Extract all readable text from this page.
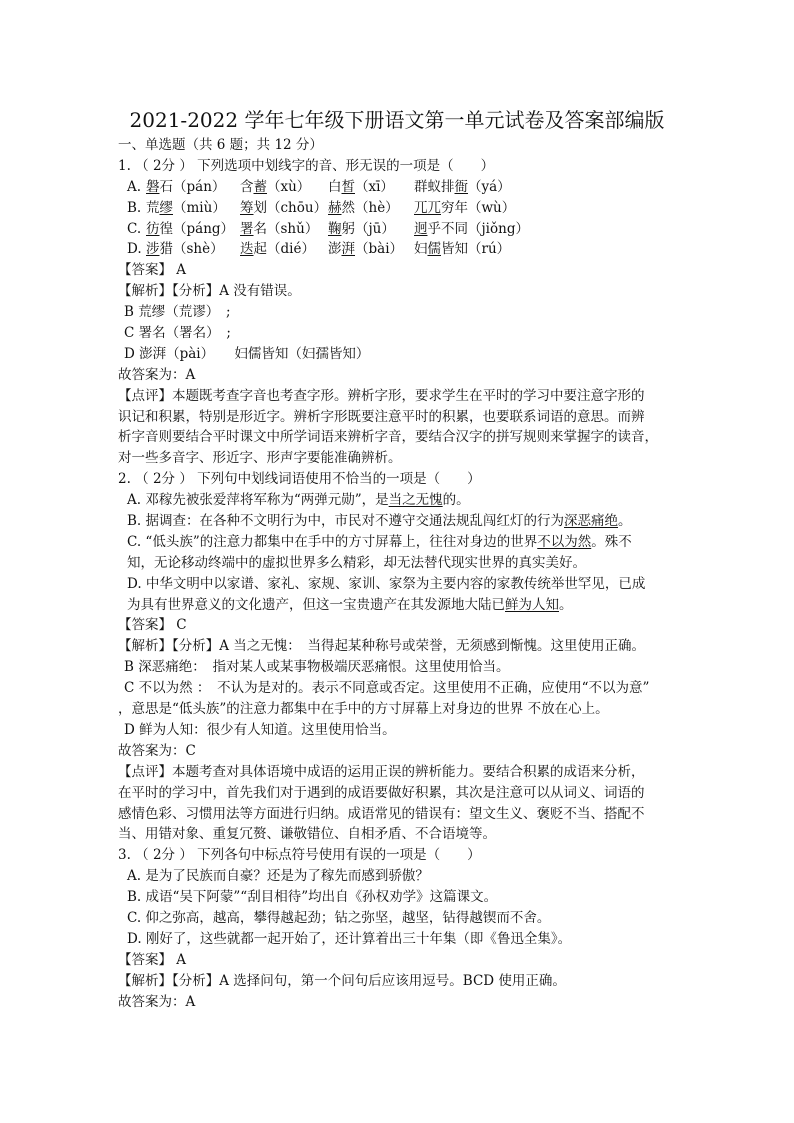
2021-2022 学年七年级下册语文第一单元试卷及答案部编版
一、单选题（共 6 题；共 12 分）
1. （ 2分 ） 下列选项中划线字的音、形无误的一项是（　　）
A. 磐石（pán） 含蓄（xù） 白皙（xī） 群蚁排衙（yá）
B. 荒缪（miù） 筹划（chōu） 赫然（hè） 兀兀穷年（wù）
C. 彷徨（páng） 署名（shǔ） 鞠躬（jū） 迥乎不同（jiǒng）
D. 涉猎（shè） 迭起（dié） 澎湃（bài） 妇儒皆知（rú）
【答案】 A
【解析】【分析】A 没有错误。
B 荒缪（荒谬）　;
C 署名（署名）　;
D 澎湃（pài）　　妇儒皆知（妇孺皆知）
故答案为：A
【点评】本题既考查字音也考查字形。辨析字形，要求学生在平时的学习中要注意字形的
识记和积累，特别是形近字。辨析字形既要注意平时的积累，也要联系词语的意思。而辨
析字音则要结合平时课文中所学词语来辨析字音，要结合汉字的拼写规则来掌握字的读音，
对一些多音字、形近字、形声字要能准确辨析。
2. （ 2分 ） 下列句中划线词语使用不恰当的一项是（　　）
A. 邓稼先被张爱萍将军称为“两弹元勋”，是当之无愧的。
B. 据调查：在各种不文明行为中，市民对不遵守交通法规乱闯红灯的行为深恶痛绝。
C. “低头族”的注意力都集中在手中的方寸屏幕上，往往对身边的世界不以为然。殊不
知，无论移动终端中的虚拟世界多么精彩，却无法替代现实世界的真实美好。
D. 中华文明中以家谱、家礼、家规、家训、家祭为主要内容的家教传统举世罕见，已成
为具有世界意义的文化遗产，但这一宝贵遗产在其发源地大陆已鲜为人知。
【答案】 C
【解析】【分析】A 当之无愧：　当得起某种称号或荣誉，无须感到惭愧。这里使用正确。
B 深恶痛绝：　指对某人或某事物极端厌恶痛恨。这里使用恰当。
C 不以为然 ：　不认为是对的。表示不同意或否定。这里使用不正确，应使用“不以为意”
，意思是“低头族”的注意力都集中在手中的方寸屏幕上对身边的世界 不放在心上。
D 鲜为人知：很少有人知道。这里使用恰当。
故答案为：C
【点评】本题考查对具体语境中成语的运用正误的辨析能力。要结合积累的成语来分析，
在平时的学习中，首先我们对于遇到的成语要做好积累，其次是注意可以从词义、词语的
感情色彩、习惯用法等方面进行归纳。成语常见的错误有：望文生义、褒贬不当、搭配不
当、用错对象、重复冗赘、谦敬错位、自相矛盾、不合语境等。
3. （ 2分 ） 下列各句中标点符号使用有误的一项是（　　）
A. 是为了民族而自豪？还是为了稼先而感到骄傲？
B. 成语“吴下阿蒙”“刮目相待”均出自《孙权劝学》这篇课文。
C. 仰之弥高，越高，攀得越起劲；钻之弥坚，越坚，钻得越锲而不舍。
D. 刚好了，这些就都一起开始了，还计算着出三十年集（即《鲁迅全集》。
【答案】 A
【解析】【分析】A 选择问句，第一个问句后应该用逗号。BCD 使用正确。
故答案为：A
